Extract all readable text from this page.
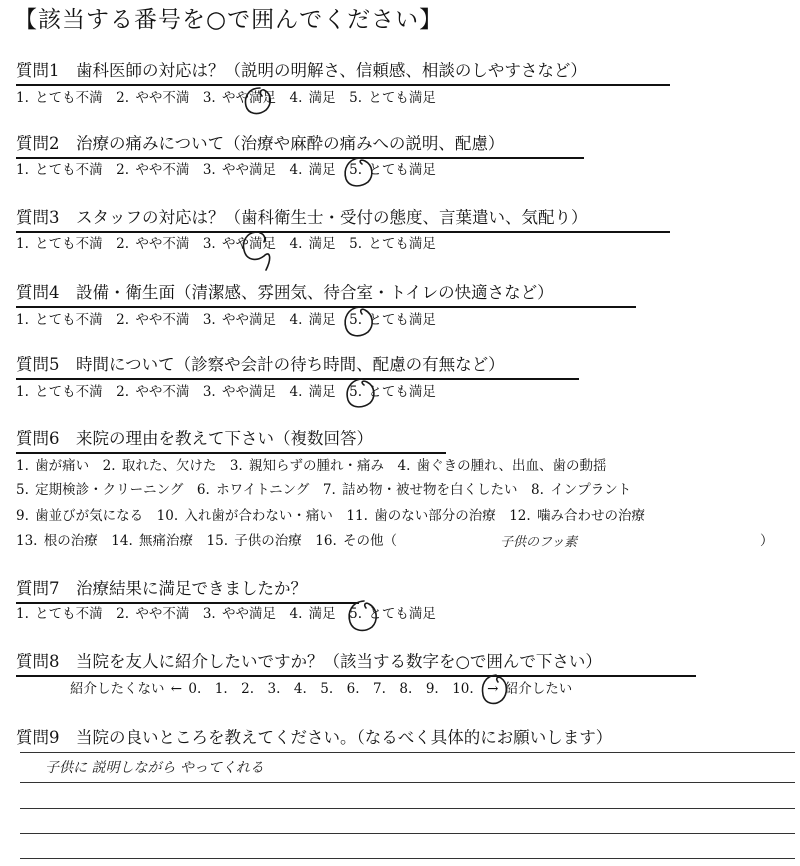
【該当する番号を○で囲んでください】
質問1　歯科医師の対応は？（説明の明解さ、信頼感、相談のしやすさなど）
1. とても不満　2. やや不満　3. やや満足　4. 満足　5. とても満足
質問2　治療の痛みについて（治療や麻酔の痛みへの説明、配慮）
1. とても不満　2. やや不満　3. やや満足　4. 満足　5. とても満足
質問3　スタッフの対応は？（歯科衛生士・受付の態度、言葉遣い、気配り）
1. とても不満　2. やや不満　3. やや満足　4. 満足　5. とても満足
質問4　設備・衛生面（清潔感、雰囲気、待合室・トイレの快適さなど）
1. とても不満　2. やや不満　3. やや満足　4. 満足　5. とても満足
質問5　時間について（診察や会計の待ち時間、配慮の有無など）
1. とても不満　2. やや不満　3. やや満足　4. 満足　5. とても満足
質問6　来院の理由を教えて下さい（複数回答）
1. 歯が痛い　2. 取れた、欠けた　3. 親知らずの腫れ・痛み　4. 歯ぐきの腫れ、出血、歯の動揺
5. 定期検診・クリーニング　6. ホワイトニング　7. 詰め物・被せ物を白くしたい　8. インプラント
9. 歯並びが気になる　10. 入れ歯が合わない・痛い　11. 歯のない部分の治療　12. 噛み合わせの治療
13. 根の治療　14. 無痛治療　15. 子供の治療　16. その他（	）
子供のフッ素
質問7　治療結果に満足できましたか？
1. とても不満　2. やや不満　3. やや満足　4. 満足　5. とても満足
質問8　当院を友人に紹介したいですか？（該当する数字を○で囲んで下さい）
紹介したくない ← 0.　1.　2.　3.　4.　5.　6.　7.　8.　9.　10.　→ 紹介したい
質問9　当院の良いところを教えてください。（なるべく具体的にお願いします）
子供に 説明しながら やってくれる
